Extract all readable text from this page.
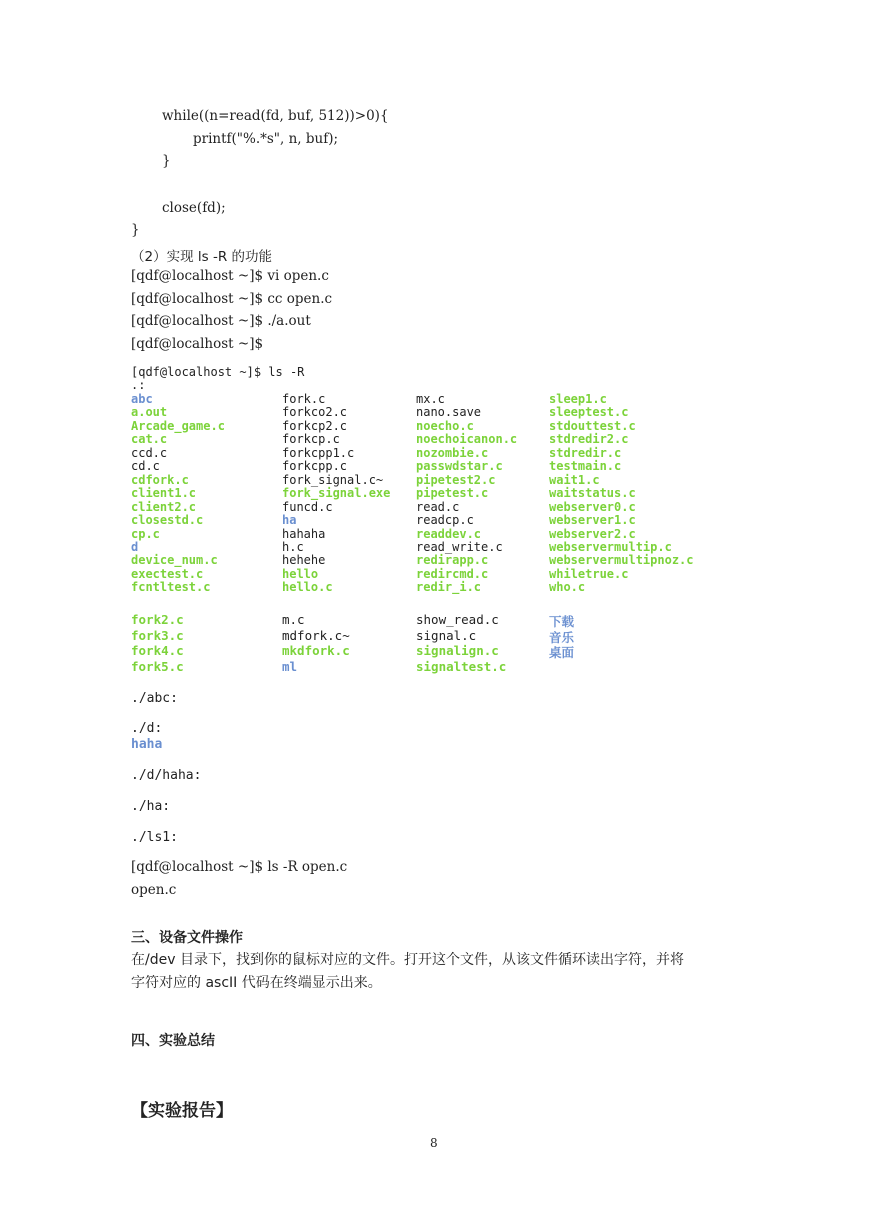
while((n=read(fd, buf, 512))>0){
printf("%.*s", n, buf);
}
close(fd);
}
（2）实现 ls -R 的功能
[qdf@localhost ~]$ vi open.c
[qdf@localhost ~]$ cc open.c
[qdf@localhost ~]$ ./a.out
[qdf@localhost ~]$
[qdf@localhost ~]$ ls -R
.:
abc	fork.c	mx.c	sleep1.c
a.out	forkco2.c	nano.save	sleeptest.c
Arcade_game.c	forkcp2.c	noecho.c	stdouttest.c
cat.c	forkcp.c	noechoicanon.c	stdredir2.c
ccd.c	forkcpp1.c	nozombie.c	stdredir.c
cd.c	forkcpp.c	passwdstar.c	testmain.c
cdfork.c	fork_signal.c~	pipetest2.c	wait1.c
client1.c	fork_signal.exe pipetest.c	waitstatus.c
client2.c	funcd.c	read.c	webserver0.c
closestd.c	ha	readcp.c	webserver1.c
cp.c	hahaha	readdev.c	webserver2.c
d	h.c	read_write.c	webservermultip.c
device_num.c	hehehe	redirapp.c	webservermultipnoz.c
exectest.c	hello	redircmd.c	whiletrue.c
fcntltest.c	hello.c	redir_i.c	who.c
fork2.c	m.c	show_read.c	下载
fork3.c	mdfork.c~	signal.c	音乐
fork4.c	mkdfork.c	signalign.c	桌面
fork5.c	ml	signaltest.c
./abc:
./d:
haha
./d/haha:
./ha:
./ls1:
[qdf@localhost ~]$ ls -R open.c
open.c
三、设备文件操作
在/dev 目录下，找到你的鼠标对应的文件。打开这个文件，从该文件循环读出字符，并将
字符对应的 ascII 代码在终端显示出来。
四、实验总结
【实验报告】
8
